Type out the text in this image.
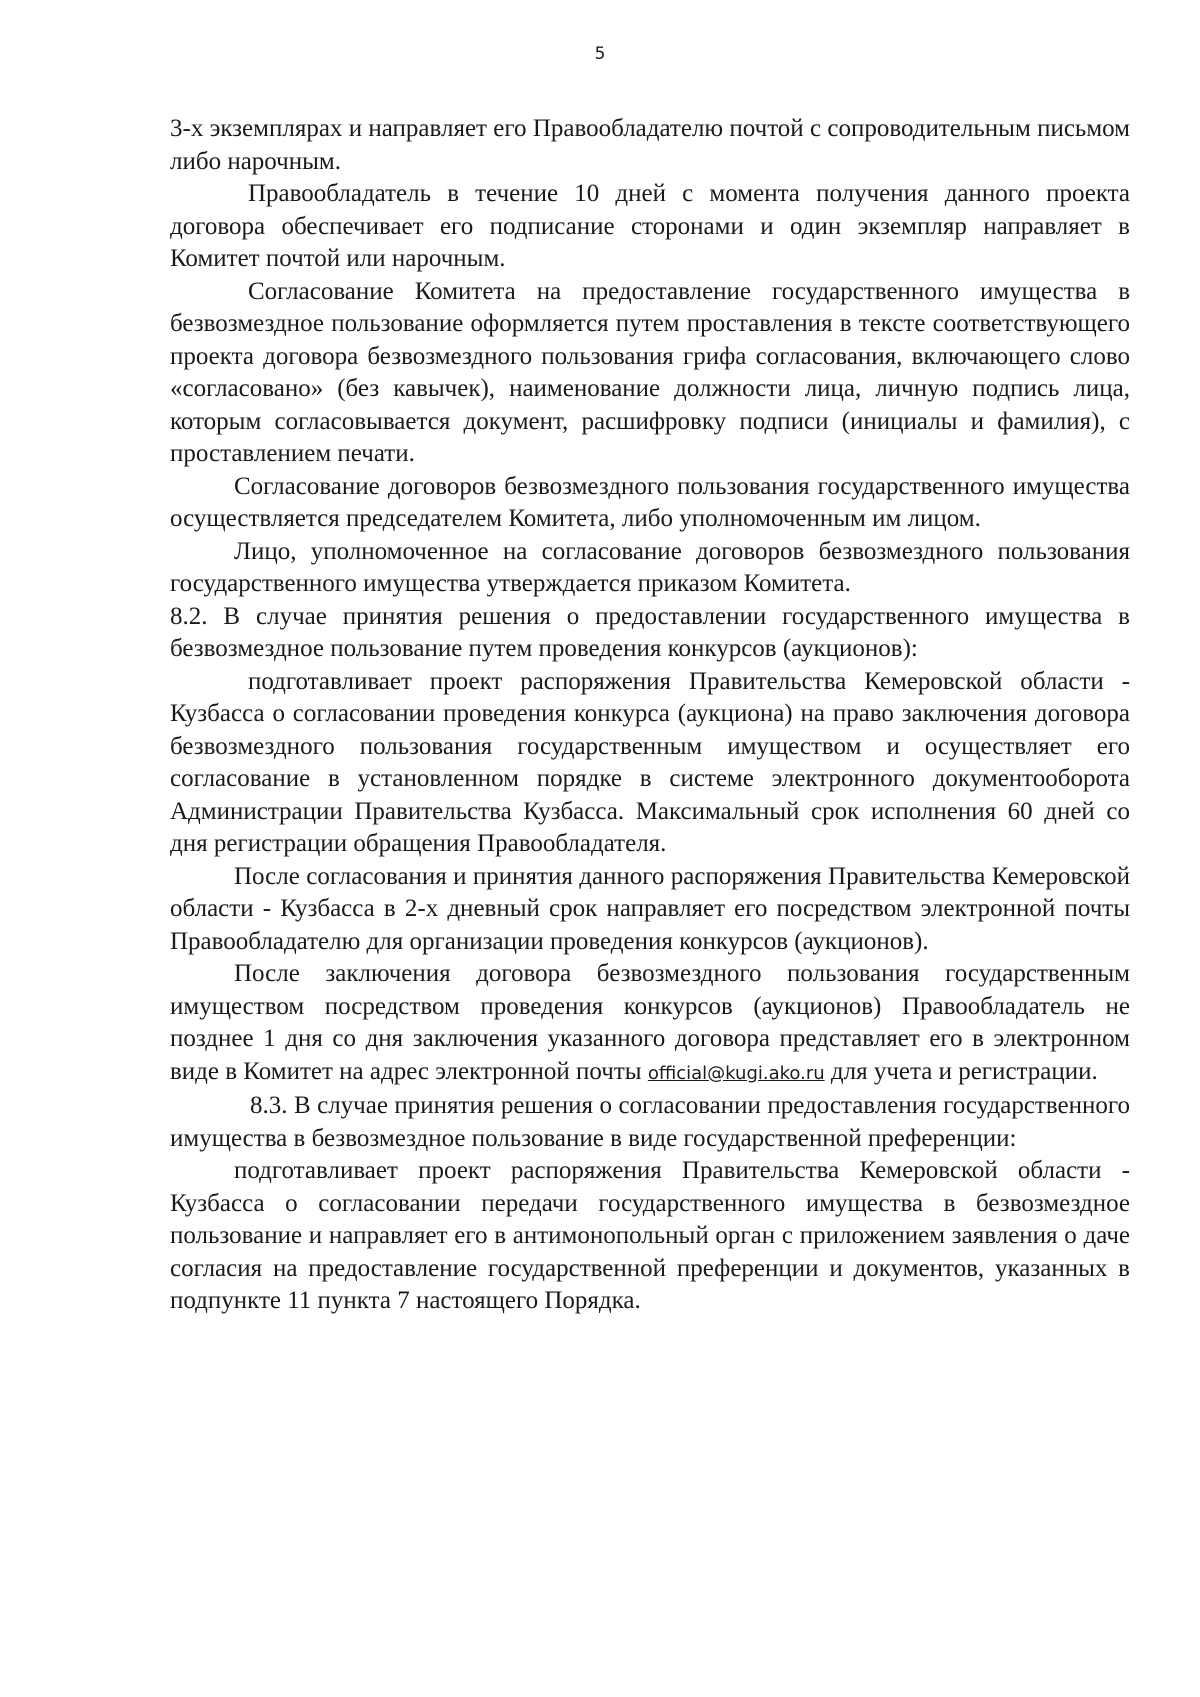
5

3-х экземплярах и направляет его Правообладателю почтой с сопроводительным письмом либо нарочным.

Правообладатель в течение 10 дней с момента получения данного проекта договора обеспечивает его подписание сторонами и один экземпляр направляет в Комитет почтой или нарочным.

Согласование Комитета на предоставление государственного имущества в безвозмездное пользование оформляется путем проставления в тексте соответствующего проекта договора безвозмездного пользования грифа согласования, включающего слово «согласовано» (без кавычек), наименование должности лица, личную подпись лица, которым согласовывается документ, расшифровку подписи (инициалы и фамилия), с проставлением печати.

Согласование договоров безвозмездного пользования государственного имущества осуществляется председателем Комитета, либо уполномоченным им лицом.

Лицо, уполномоченное на согласование договоров безвозмездного пользования государственного имущества утверждается приказом Комитета.

8.2. В случае принятия решения о предоставлении государственного имущества в безвозмездное пользование путем проведения конкурсов (аукционов):

подготавливает проект распоряжения Правительства Кемеровской области - Кузбасса о согласовании проведения конкурса (аукциона) на право заключения договора безвозмездного пользования государственным имуществом и осуществляет его согласование в установленном порядке в системе электронного документооборота Администрации Правительства Кузбасса. Максимальный срок исполнения 60 дней со дня регистрации обращения Правообладателя.

После согласования и принятия данного распоряжения Правительства Кемеровской области - Кузбасса в 2-х дневный срок направляет его посредством электронной почты Правообладателю для организации проведения конкурсов (аукционов).

После заключения договора безвозмездного пользования государственным имуществом посредством проведения конкурсов (аукционов) Правообладатель не позднее 1 дня со дня заключения указанного договора представляет его в электронном виде в Комитет на адрес электронной почты official@kugi.ako.ru для учета и регистрации.

8.3. В случае принятия решения о согласовании предоставления государственного имущества в безвозмездное пользование в виде государственной преференции:

подготавливает проект распоряжения Правительства Кемеровской области - Кузбасса о согласовании передачи государственного имущества в безвозмездное пользование и направляет его в антимонопольный орган с приложением заявления о даче согласия на предоставление государственной преференции и документов, указанных в подпункте 11 пункта 7 настоящего Порядка.
